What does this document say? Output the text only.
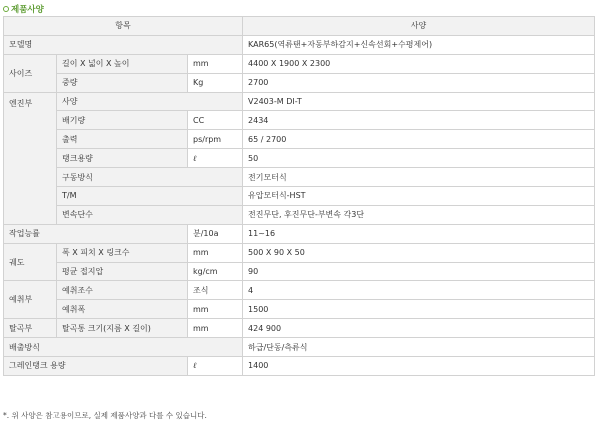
제품사양
항목			사양
모델명			KAR65(역류탠+자동부하감지+신속선회+수평제어)
사이즈	길이 X 넓이 X 높이	mm	4400 X 1900 X 2300
	중량	Kg	2700
엔진부	사양		V2403-M DI-T
	배기량	CC	2434
	출력	ps/rpm	65 / 2700
	탱크용량	ℓ	50
	구동방식		전기모터식
	T/M		유압모터식-HST
	변속단수		전진무단, 후진무단-부변속 각3단
작업능률		분/10a	11~16
궤도	폭 X 피치 X 링크수	mm	500 X 90 X 50
	평균 접지압	kg/cm	90
예취부	예취조수	조식	4
	예취폭	mm	1500
탈곡부	탈곡통 크기(지름 X 길이)	mm	424 900
배출방식			하급/단동/측류식
그레인탱크 용량		ℓ	1400
*. 위 사양은 참고용이므로, 실제 제품사양과 다를 수 있습니다.
